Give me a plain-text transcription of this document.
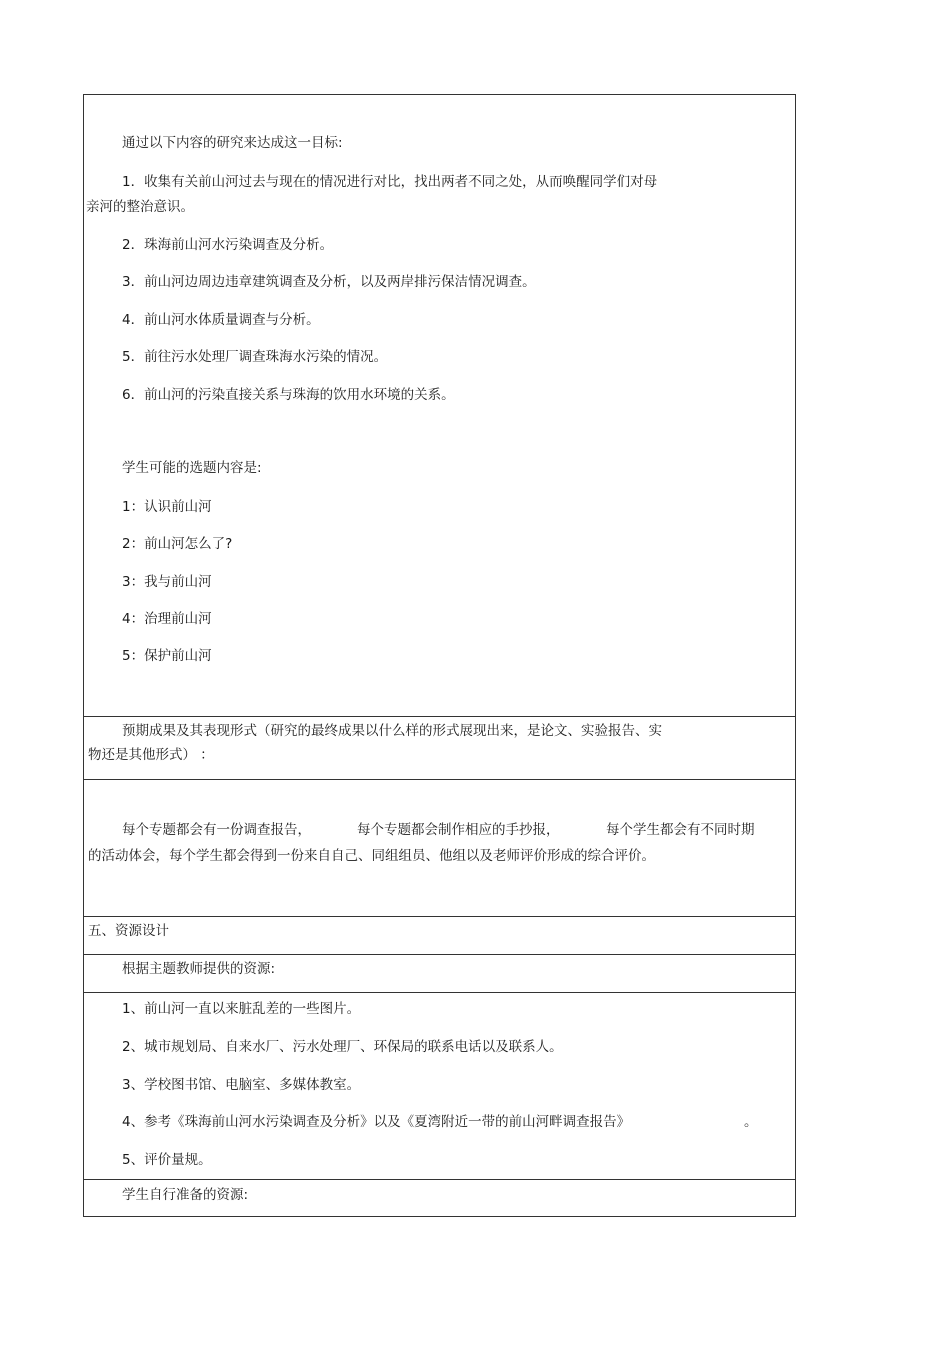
通过以下内容的研究来达成这一目标:
1．收集有关前山河过去与现在的情况进行对比，找出两者不同之处，从而唤醒同学们对母
亲河的整治意识。
2．珠海前山河水污染调查及分析。
3．前山河边周边违章建筑调查及分析，以及两岸排污保洁情况调查。
4．前山河水体质量调查与分析。
5．前往污水处理厂调查珠海水污染的情况。
6．前山河的污染直接关系与珠海的饮用水环境的关系。
学生可能的选题内容是:
1：认识前山河
2：前山河怎么了?
3：我与前山河
4：治理前山河
5：保护前山河
预期成果及其表现形式（研究的最终成果以什么样的形式展现出来，是论文、实验报告、实
物还是其他形式） ：
每个专题都会有一份调查报告，	每个专题都会制作相应的手抄报，	每个学生都会有不同时期
的活动体会，每个学生都会得到一份来自自己、同组组员、他组以及老师评价形成的综合评价。
五、资源设计
根据主题教师提供的资源:
1、前山河一直以来脏乱差的一些图片。
2、城市规划局、自来水厂、污水处理厂、环保局的联系电话以及联系人。
3、学校图书馆、电脑室、多媒体教室。
4、参考《珠海前山河水污染调查及分析》以及《夏湾附近一带的前山河畔调查报告》	。
5、评价量规。
学生自行准备的资源:
